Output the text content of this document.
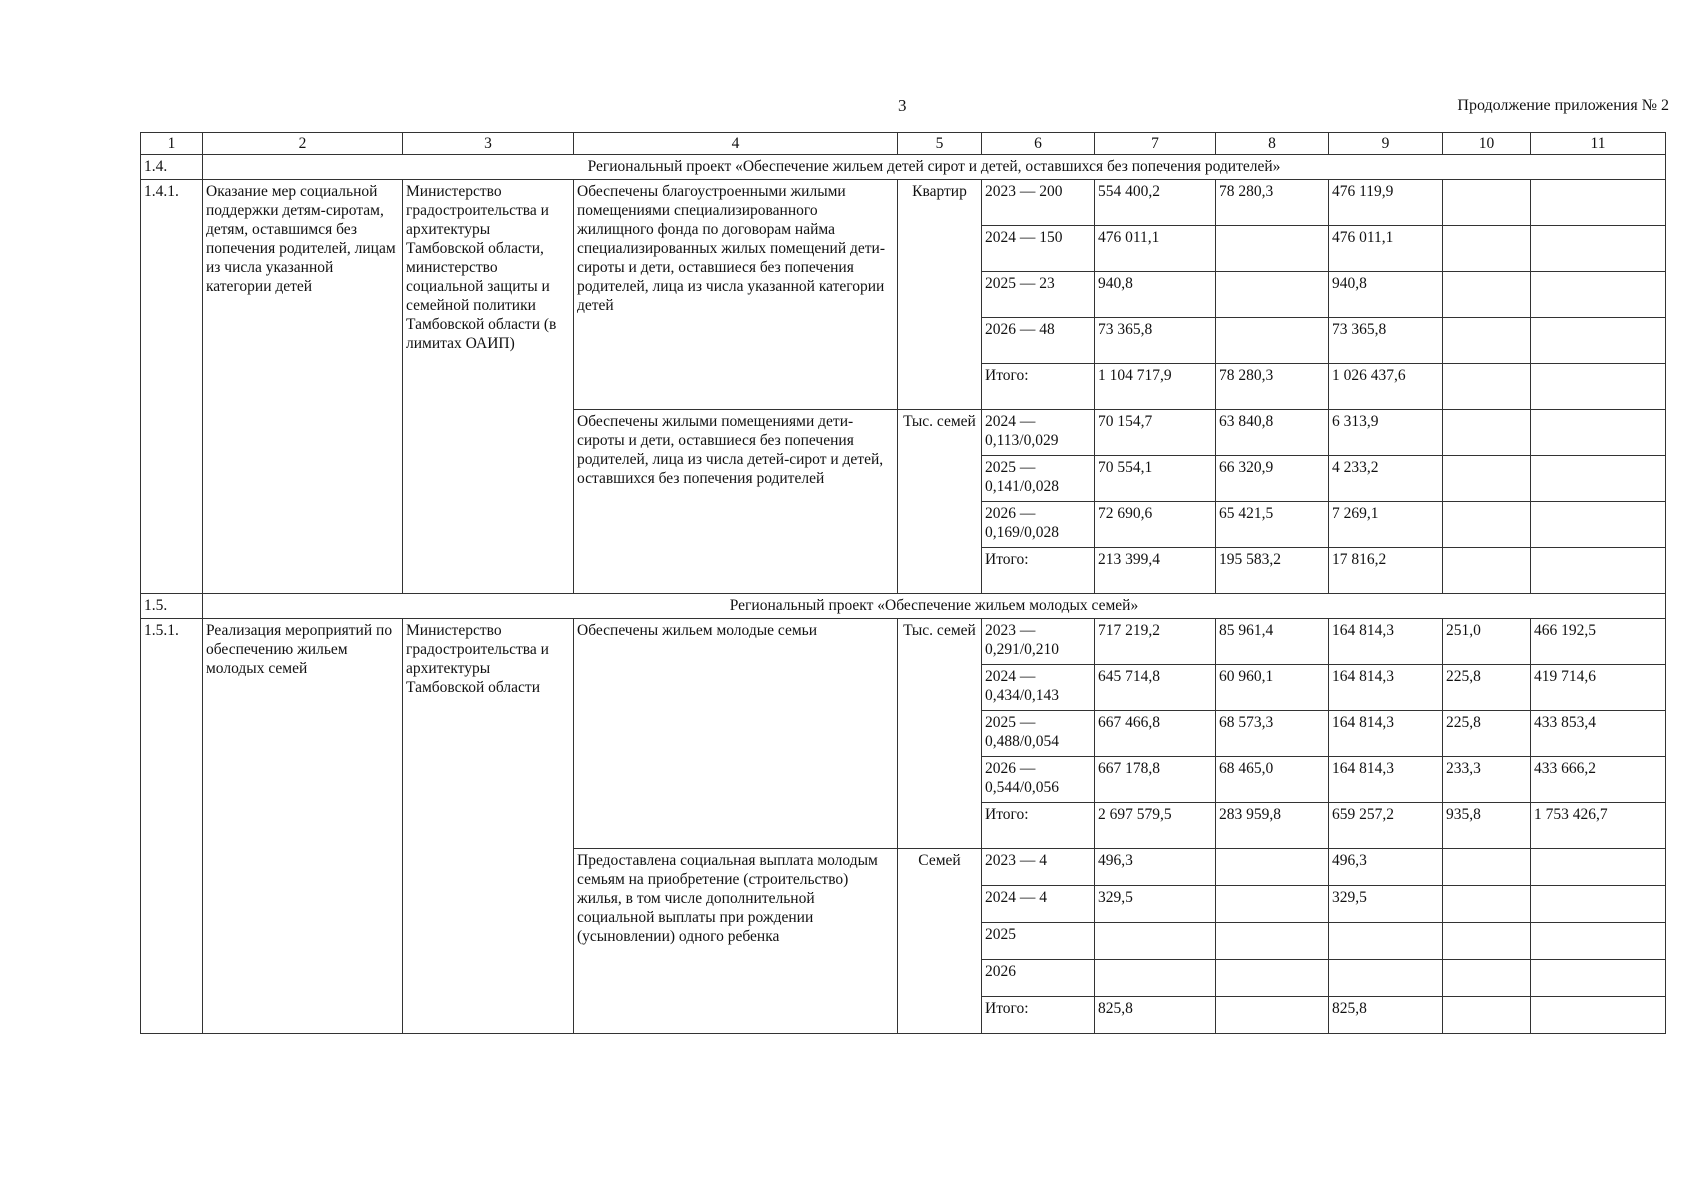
3	Продолжение приложения № 2
1	2	3	4	5	6	7	8	9	10	11
1.4.	Региональный проект «Обеспечение жильем детей сирот и детей, оставшихся без попечения родителей»									
1.4.1.	Оказание мер социальной поддержки детям-сиротам, детям, оставшимся без попечения родителей, лицам из числа указанной категории детей	Министерство градостроительства и архитектуры Тамбовской области, министерство социальной защиты и семейной политики Тамбовской области (в лимитах ОАИП)	Обеспечены благоустроенными жилыми помещениями специализированного жилищного фонда по договорам найма специализированных жилых помещений дети-сироты и дети, оставшиеся без попечения родителей, лица из числа указанной категории детей	Квартир	2023 — 200	554 400,2	78 280,3	476 119,9		
					2024 — 150	476 011,1		476 011,1		
					2025 — 23	940,8		940,8		
					2026 — 48	73 365,8		73 365,8		
					Итого:	1 104 717,9	78 280,3	1 026 437,6		
			Обеспечены жилыми помещениями дети-сироты и дети, оставшиеся без попечения родителей, лица из числа детей-сирот и детей, оставшихся без попечения родителей	Тыс. семей	2024 — 0,113/0,029	70 154,7	63 840,8	6 313,9		
					2025 — 0,141/0,028	70 554,1	66 320,9	4 233,2		
					2026 — 0,169/0,028	72 690,6	65 421,5	7 269,1		
					Итого:	213 399,4	195 583,2	17 816,2		
1.5.	Региональный проект «Обеспечение жильем молодых семей»									
1.5.1.	Реализация мероприятий по обеспечению жильем молодых семей	Министерство градостроительства и архитектуры Тамбовской области	Обеспечены жильем молодые семьи	Тыс. семей	2023 — 0,291/0,210	717 219,2	85 961,4	164 814,3	251,0	466 192,5
					2024 — 0,434/0,143	645 714,8	60 960,1	164 814,3	225,8	419 714,6
					2025 — 0,488/0,054	667 466,8	68 573,3	164 814,3	225,8	433 853,4
					2026 — 0,544/0,056	667 178,8	68 465,0	164 814,3	233,3	433 666,2
					Итого:	2 697 579,5	283 959,8	659 257,2	935,8	1 753 426,7
			Предоставлена социальная выплата молодым семьям на приобретение (строительство) жилья, в том числе дополнительной социальной выплаты при рождении (усыновлении) одного ребенка	Семей	2023 — 4	496,3		496,3		
					2024 — 4	329,5		329,5		
					2025					
					2026					
					Итого:	825,8		825,8		
